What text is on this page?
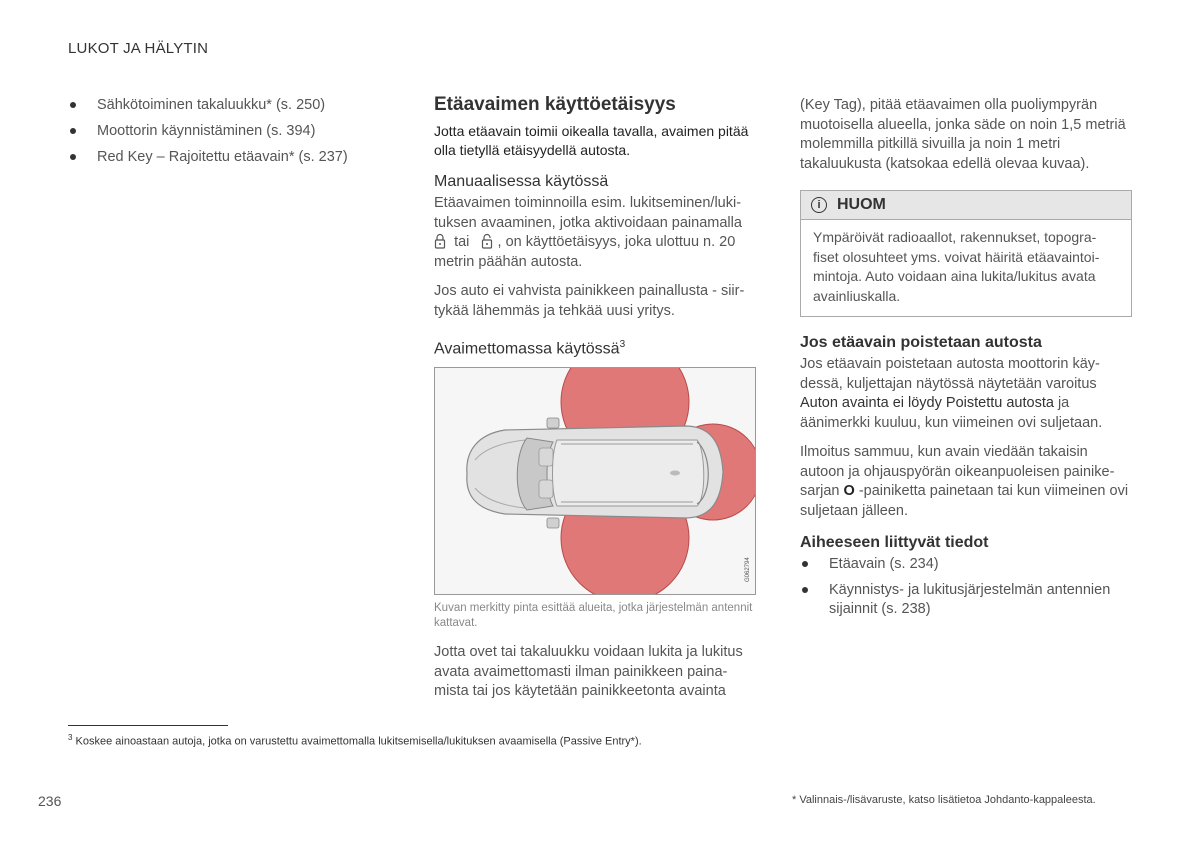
LUKOT JA HÄLYTIN
Sähkötoiminen takaluukku* (s. 250)
Moottorin käynnistäminen (s. 394)
Red Key – Rajoitettu etäavain* (s. 237)
Etäavaimen käyttöetäisyys

Jotta etäavain toimii oikealla tavalla, avaimen pitää olla tietyllä etäisyydellä autosta.

Manuaalisessa käytössä

Etäavaimen toiminnoilla esim. lukitseminen/luki-tuksen avaaminen, jotka aktivoidaan painamalla
tai , on käyttöetäisyys, joka ulottuu n. 20 metrin päähän autosta.

Jos auto ei vahvista painikkeen painallusta - siir-tykää lähemmäs ja tehkää uusi yritys.

Avaimettomassa käytössä$^3$
G062794
Kuvan merkitty pinta esittää alueita, jotka järjestelmän antennit kattavat.

Jotta ovet tai takaluukku voidaan lukita ja lukitus avata avaimettomasti ilman painikkeen paina-mista tai jos käytetään painikkeetonta avainta

(Key Tag), pitää etäavaimen olla puoliympyrän muotoisella alueella, jonka säde on noin 1,5 metriä molemmilla pitkillä sivuilla ja noin 1 metri takaluukusta (katsokaa edellä olevaa kuvaa).

i	HUOM
Ympäröivät radioaallot, rakennukset, topogra-fiset olosuhteet yms. voivat häiritä etäavaintoi-mintoja. Auto voidaan aina lukita/lukitus avata avainliuskalla.
Jos etäavain poistetaan autosta

Jos etäavain poistetaan autosta moottorin käy-dessä, kuljettajan näytössä näytetään varoitus Auton avainta ei löydy Poistettu autosta ja äänimerkki kuuluu, kun viimeinen ovi suljetaan.

Ilmoitus sammuu, kun avain viedään takaisin autoon ja ohjauspyörän oikeanpuoleisen painike-sarjan O -painiketta painetaan tai kun viimeinen ovi suljetaan jälleen.

Aiheeseen liittyvät tiedot
Etäavain (s. 234)
Käynnistys- ja lukitusjärjestelmän antennien sijainnit (s. 238)
$^3$ Koskee ainoastaan autoja, jotka on varustettu avaimettomalla lukitsemisella/lukituksen avaamisella (Passive Entry*).
236	* Valinnais-/lisävaruste, katso lisätietoa Johdanto-kappaleesta.
